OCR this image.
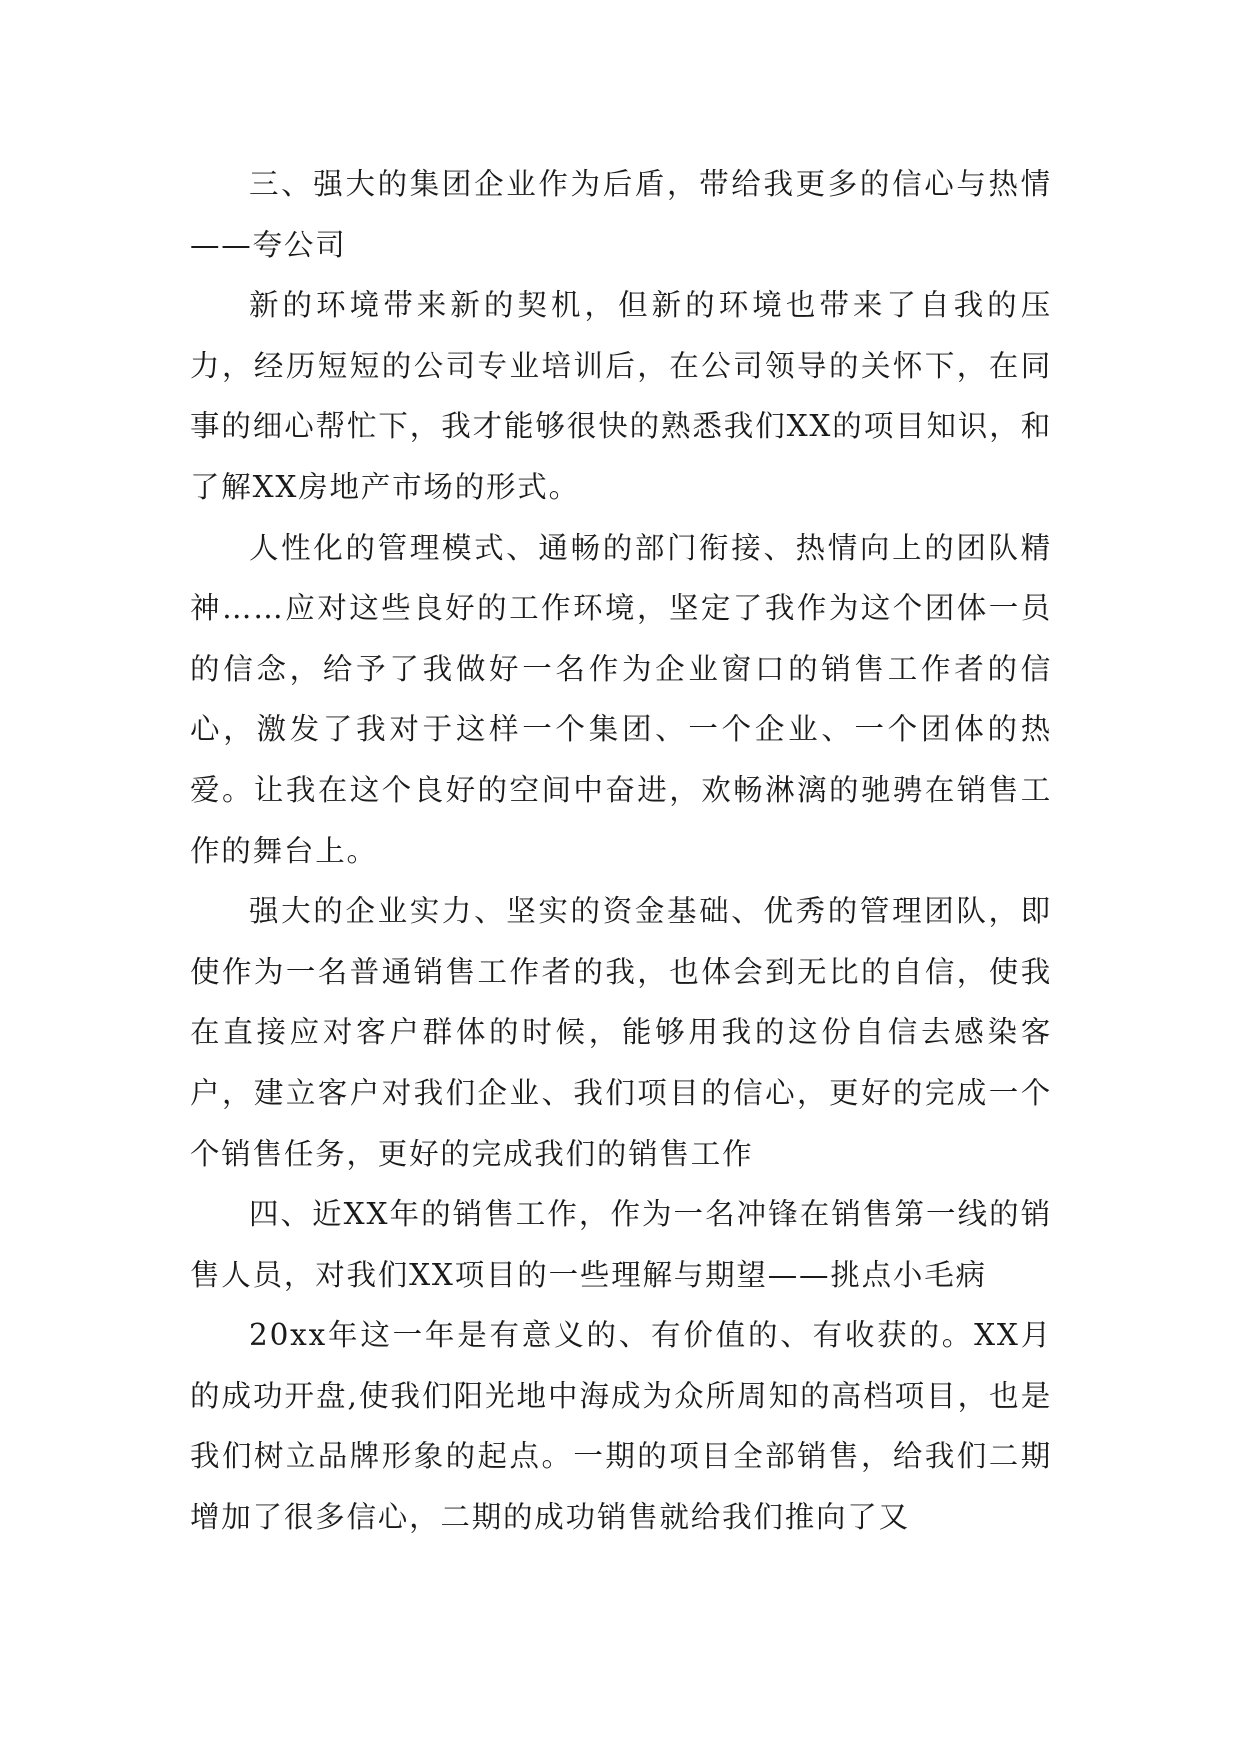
三、强大的集团企业作为后盾，带给我更多的信心与热情——夸公司

新的环境带来新的契机，但新的环境也带来了自我的压力，经历短短的公司专业培训后，在公司领导的关怀下，在同事的细心帮忙下，我才能够很快的熟悉我们XX的项目知识，和了解XX房地产市场的形式。

人性化的管理模式、通畅的部门衔接、热情向上的团队精神……应对这些良好的工作环境，坚定了我作为这个团体一员的信念，给予了我做好一名作为企业窗口的销售工作者的信心，激发了我对于这样一个集团、一个企业、一个团体的热爱。让我在这个良好的空间中奋进，欢畅淋漓的驰骋在销售工作的舞台上。

强大的企业实力、坚实的资金基础、优秀的管理团队，即使作为一名普通销售工作者的我，也体会到无比的自信，使我在直接应对客户群体的时候，能够用我的这份自信去感染客户，建立客户对我们企业、我们项目的信心，更好的完成一个个销售任务，更好的完成我们的销售工作

四、近XX年的销售工作，作为一名冲锋在销售第一线的销售人员，对我们XX项目的一些理解与期望——挑点小毛病

20xx年这一年是有意义的、有价值的、有收获的。XX月的成功开盘,使我们阳光地中海成为众所周知的高档项目，也是我们树立品牌形象的起点。一期的项目全部销售，给我们二期增加了很多信心，二期的成功销售就给我们推向了又
